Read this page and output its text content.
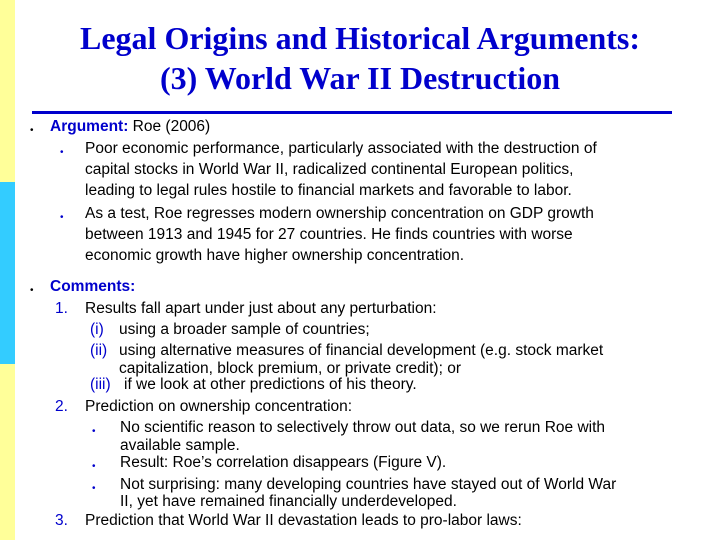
Legal Origins and Historical Arguments:
(3) World War II Destruction
• Argument: Roe (2006)
• Poor economic performance, particularly associated with the destruction of
capital stocks in World War II, radicalized continental European politics,
leading to legal rules hostile to financial markets and favorable to labor.
• As a test, Roe regresses modern ownership concentration on GDP growth
between 1913 and 1945 for 27 countries. He finds countries with worse
economic growth have higher ownership concentration.
• Comments:
1. Results fall apart under just about any perturbation:
(i) using a broader sample of countries;
(ii) using alternative measures of financial development (e.g. stock market
capitalization, block premium, or private credit); or
(iii) if we look at other predictions of his theory.
2. Prediction on ownership concentration:
• No scientific reason to selectively throw out data, so we rerun Roe with
available sample.
• Result: Roe’s correlation disappears (Figure V).
• Not surprising: many developing countries have stayed out of World War
II, yet have remained financially underdeveloped.
3. Prediction that World War II devastation leads to pro-labor laws:
